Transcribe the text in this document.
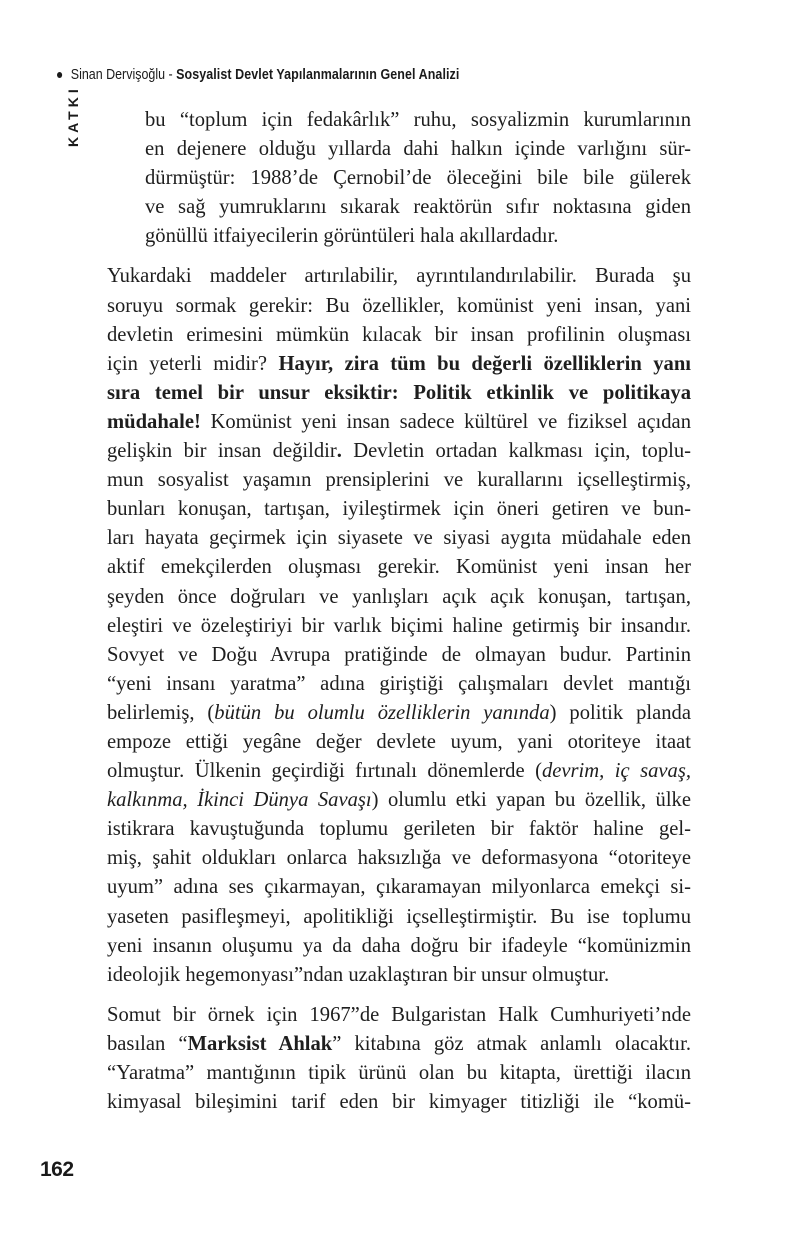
Sinan Dervişoğlu - Sosyalist Devlet Yapılanmalarının Genel Analizi
KATKI	bu “toplum için fedakârlık” ruhu, sosyalizmin kurumlarının
en dejenere olduğu yıllarda dahi halkın içinde varlığını sür-
dürmüştür: 1988’de Çernobil’de öleceğini bile bile gülerek
ve sağ yumruklarını sıkarak reaktörün sıfır noktasına giden
gönüllü itfaiyecilerin görüntüleri hala akıllardadır.
Yukardaki maddeler artırılabilir, ayrıntılandırılabilir. Burada şu
soruyu sormak gerekir: Bu özellikler, komünist yeni insan, yani
devletin erimesini mümkün kılacak bir insan profilinin oluşması
için yeterli midir? Hayır, zira tüm bu değerli özelliklerin yanı
sıra temel bir unsur eksiktir: Politik etkinlik ve politikaya
müdahale! Komünist yeni insan sadece kültürel ve fiziksel açıdan
gelişkin bir insan değildir. Devletin ortadan kalkması için, toplu-
mun sosyalist yaşamın prensiplerini ve kurallarını içselleştirmiş,
bunları konuşan, tartışan, iyileştirmek için öneri getiren ve bun-
ları hayata geçirmek için siyasete ve siyasi aygıta müdahale eden
aktif emekçilerden oluşması gerekir. Komünist yeni insan her
şeyden önce doğruları ve yanlışları açık açık konuşan, tartışan,
eleştiri ve özeleştiriyi bir varlık biçimi haline getirmiş bir insandır.
Sovyet ve Doğu Avrupa pratiğinde de olmayan budur. Partinin
“yeni insanı yaratma” adına giriştiği çalışmaları devlet mantığı
belirlemiş, (bütün bu olumlu özelliklerin yanında) politik planda
empoze ettiği yegâne değer devlete uyum, yani otoriteye itaat
olmuştur. Ülkenin geçirdiği fırtınalı dönemlerde (devrim, iç savaş,
kalkınma, İkinci Dünya Savaşı) olumlu etki yapan bu özellik, ülke
istikrara kavuştuğunda toplumu gerileten bir faktör haline gel-
miş, şahit oldukları onlarca haksızlığa ve deformasyona “otoriteye
uyum” adına ses çıkarmayan, çıkaramayan milyonlarca emekçi si-
yaseten pasifleşmeyi, apolitikliği içselleştirmiştir. Bu ise toplumu
yeni insanın oluşumu ya da daha doğru bir ifadeyle “komünizmin
ideolojik hegemonyası”ndan uzaklaştıran bir unsur olmuştur.
Somut bir örnek için 1967”de Bulgaristan Halk Cumhuriyeti’nde
basılan “Marksist Ahlak” kitabına göz atmak anlamlı olacaktır.
“Yaratma” mantığının tipik ürünü olan bu kitapta, ürettiği ilacın
kimyasal bileşimini tarif eden bir kimyager titizliği ile “komü-
162
